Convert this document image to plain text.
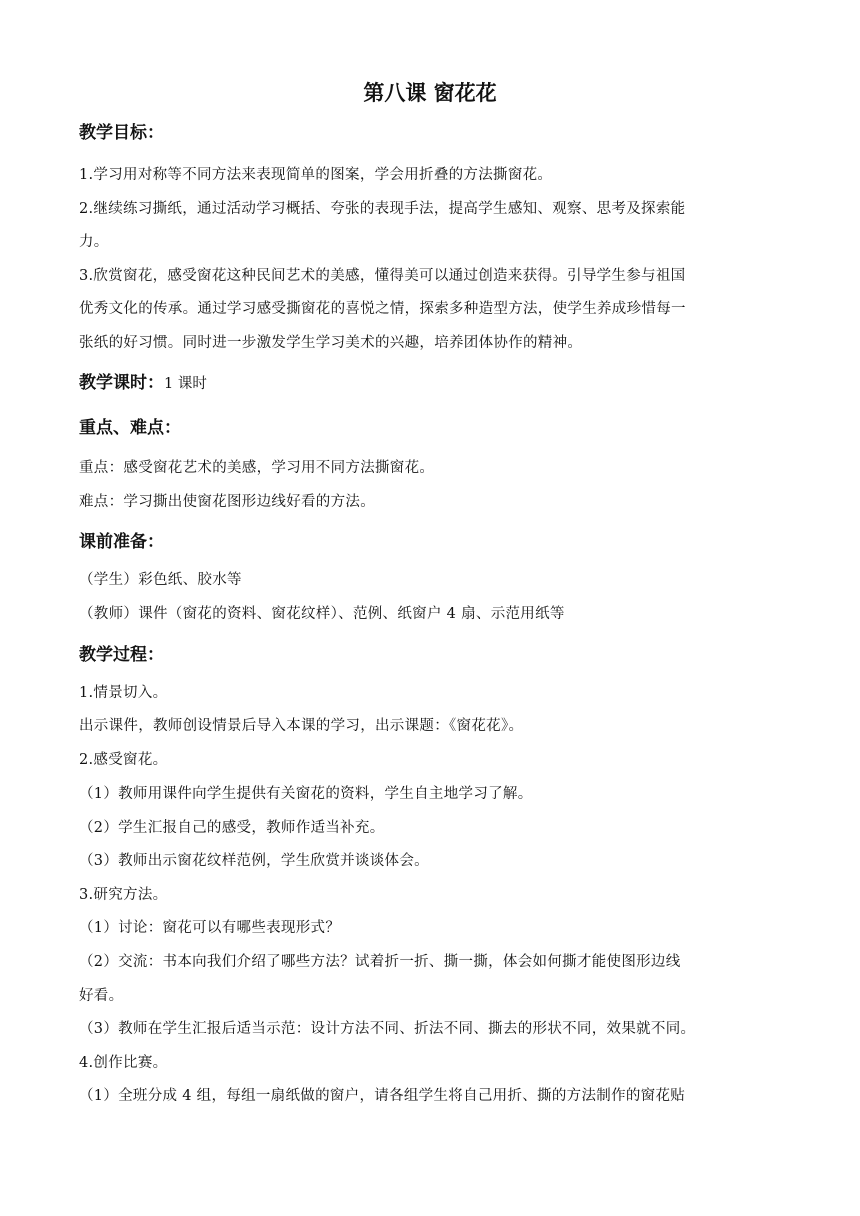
第八课 窗花花
教学目标：

1.学习用对称等不同方法来表现简单的图案，学会用折叠的方法撕窗花。

2.继续练习撕纸，通过活动学习概括、夸张的表现手法，提高学生感知、观察、思考及探索能

力。

3.欣赏窗花，感受窗花这种民间艺术的美感，懂得美可以通过创造来获得。引导学生参与祖国

优秀文化的传承。通过学习感受撕窗花的喜悦之情，探索多种造型方法，使学生养成珍惜每一

张纸的好习惯。同时进一步激发学生学习美术的兴趣，培养团体协作的精神。

教学课时：1 课时
重点、难点：

重点：感受窗花艺术的美感，学习用不同方法撕窗花。

难点：学习撕出使窗花图形边线好看的方法。

课前准备：

（学生）彩色纸、胶水等

（教师）课件（窗花的资料、窗花纹样）、范例、纸窗户 4 扇、示范用纸等

教学过程：

1.情景切入。

出示课件，教师创设情景后导入本课的学习，出示课题：《窗花花》。

2.感受窗花。

（1）教师用课件向学生提供有关窗花的资料，学生自主地学习了解。

（2）学生汇报自己的感受，教师作适当补充。

（3）教师出示窗花纹样范例，学生欣赏并谈谈体会。

3.研究方法。

（1）讨论：窗花可以有哪些表现形式？

（2）交流：书本向我们介绍了哪些方法？试着折一折、撕一撕，体会如何撕才能使图形边线

好看。

（3）教师在学生汇报后适当示范：设计方法不同、折法不同、撕去的形状不同，效果就不同。

4.创作比赛。

（1）全班分成 4 组，每组一扇纸做的窗户，请各组学生将自己用折、撕的方法制作的窗花贴
